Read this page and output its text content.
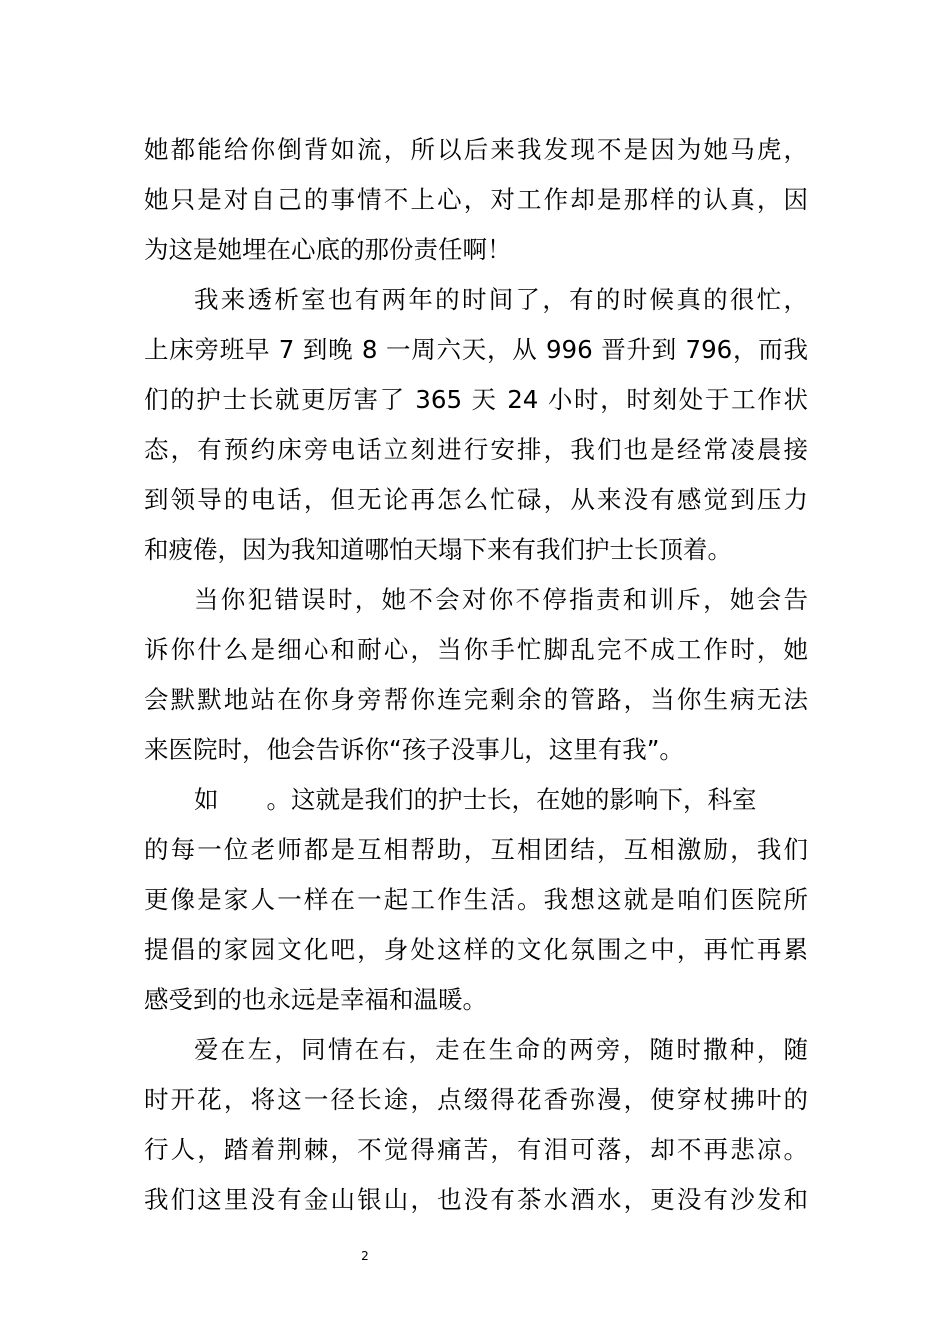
她都能给你倒背如流，所以后来我发现不是因为她马虎，
她只是对自己的事情不上心，对工作却是那样的认真，因
为这是她埋在心底的那份责任啊！
我来透析室也有两年的时间了，有的时候真的很忙，
上床旁班早 7 到晚 8 一周六天，从 996 晋升到 796，而我
们的护士长就更厉害了 365 天 24 小时，时刻处于工作状
态，有预约床旁电话立刻进行安排，我们也是经常凌晨接
到领导的电话，但无论再怎么忙碌，从来没有感觉到压力
和疲倦，因为我知道哪怕天塌下来有我们护士长顶着。
当你犯错误时，她不会对你不停指责和训斥，她会告
诉你什么是细心和耐心，当你手忙脚乱完不成工作时，她
会默默地站在你身旁帮你连完剩余的管路，当你生病无法
来医院时，他会告诉你“孩子没事儿，这里有我”。
如 。这就是我们的护士长，在她的影响下，科室
的每一位老师都是互相帮助，互相团结，互相激励，我们
更像是家人一样在一起工作生活。我想这就是咱们医院所
提倡的家园文化吧，身处这样的文化氛围之中，再忙再累
感受到的也永远是幸福和温暖。
爱在左，同情在右，走在生命的两旁，随时撒种，随
时开花，将这一径长途，点缀得花香弥漫，使穿杖拂叶的
行人，踏着荆棘，不觉得痛苦，有泪可落，却不再悲凉。
我们这里没有金山银山，也没有茶水酒水，更没有沙发和
2
